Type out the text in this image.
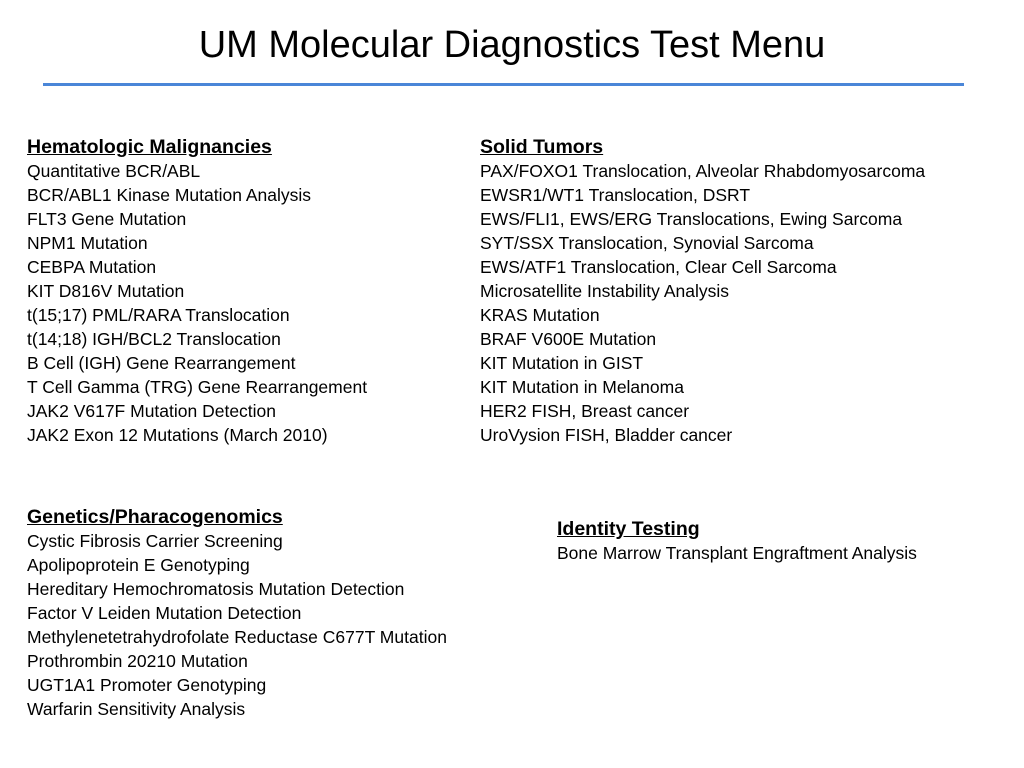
UM Molecular Diagnostics Test Menu
Hematologic Malignancies
Quantitative BCR/ABL
BCR/ABL1 Kinase Mutation Analysis
FLT3 Gene Mutation
NPM1 Mutation
CEBPA Mutation
KIT D816V Mutation
t(15;17) PML/RARA Translocation
t(14;18) IGH/BCL2 Translocation
B Cell (IGH) Gene Rearrangement
T Cell Gamma (TRG) Gene Rearrangement
JAK2 V617F Mutation Detection
JAK2 Exon 12 Mutations (March 2010)
Solid Tumors
PAX/FOXO1 Translocation, Alveolar Rhabdomyosarcoma
EWSR1/WT1 Translocation, DSRT
EWS/FLI1, EWS/ERG Translocations, Ewing Sarcoma
SYT/SSX Translocation, Synovial Sarcoma
EWS/ATF1 Translocation, Clear Cell Sarcoma
Microsatellite Instability Analysis
KRAS Mutation
BRAF V600E Mutation
KIT Mutation in GIST
KIT Mutation in Melanoma
HER2 FISH, Breast cancer
UroVysion FISH, Bladder cancer
Genetics/Pharacogenomics
Cystic Fibrosis Carrier Screening
Apolipoprotein E Genotyping
Hereditary Hemochromatosis Mutation Detection
Factor V Leiden Mutation Detection
Methylenetetrahydrofolate Reductase C677T Mutation
Prothrombin 20210 Mutation
UGT1A1 Promoter Genotyping
Warfarin Sensitivity Analysis
Identity Testing
Bone Marrow Transplant Engraftment Analysis
